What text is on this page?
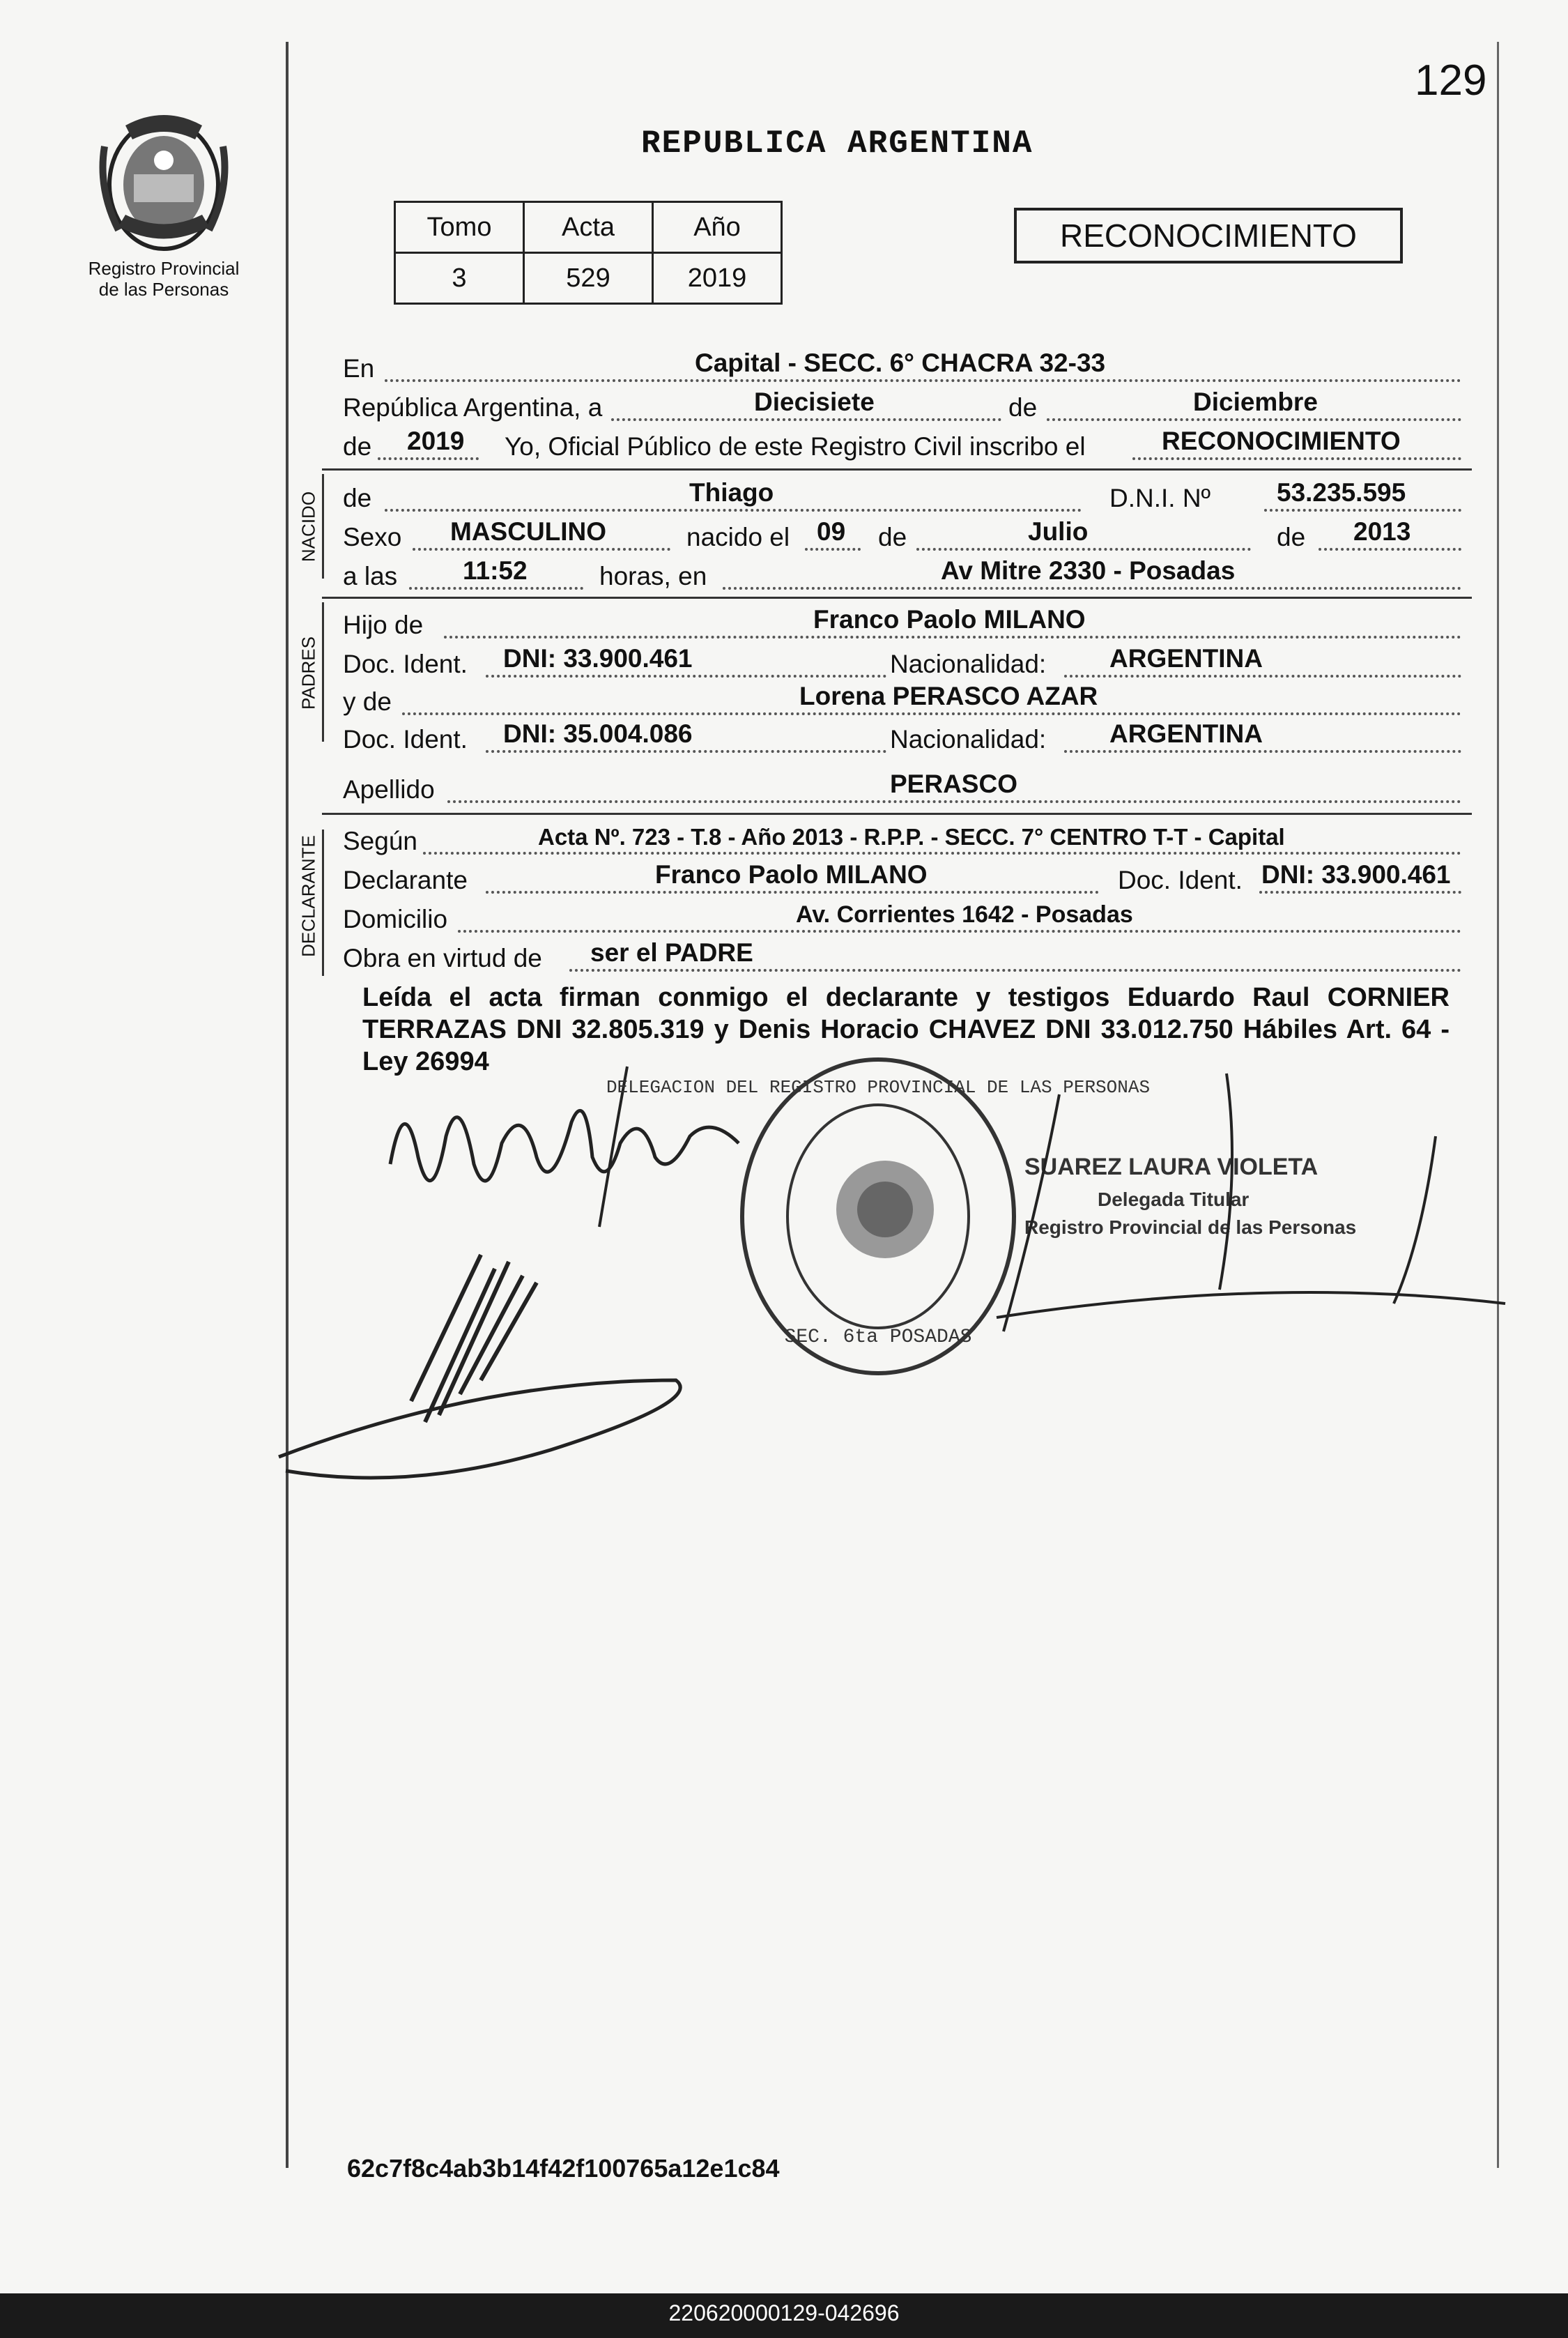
129
Registro Provincial
de las Personas
REPUBLICA ARGENTINA
Tomo	Acta	Año
3	529	2019
RECONOCIMIENTO
En	Capital - SECC. 6° CHACRA 32-33
República Argentina, a	Diecisiete	de	Diciembre
de 2019 Yo, Oficial Público de este Registro Civil inscribo el	RECONOCIMIENTO
NACIDO de	Thiago	D.N.I. Nº	53.235.595
Sexo MASCULINO	nacido el 09 de	Julio	de 2013
a las	11:52	horas, en	Av Mitre 2330 - Posadas
PADRES
Hijo de	Franco Paolo MILANO
Doc. Ident. DNI: 33.900.461	Nacionalidad: ARGENTINA
y de	Lorena PERASCO AZAR
Doc. Ident. DNI: 35.004.086	Nacionalidad: ARGENTINA
Apellido	PERASCO
DECLARANTE Según	Acta Nº. 723 - T.8 - Año 2013 - R.P.P. - SECC. 7° CENTRO T-T - Capital
Declarante	Franco Paolo MILANO	Doc. Ident. DNI: 33.900.461
Domicilio	Av. Corrientes 1642 - Posadas
Obra en virtud de ser el PADRE
Leída el acta firman conmigo el declarante y testigos Eduardo Raul CORNIER TERRAZAS DNI 32.805.319 y Denis Horacio CHAVEZ DNI 33.012.750 Hábiles Art. 64 - Ley 26994
DELEGACION DEL REGISTRO PROVINCIAL DE LAS PERSONAS
SEC. 6ta POSADAS
SUAREZ LAURA VIOLETA
Delegada Titular
Registro Provincial de las Personas
62c7f8c4ab3b14f42f100765a12e1c84
220620000129-042696
